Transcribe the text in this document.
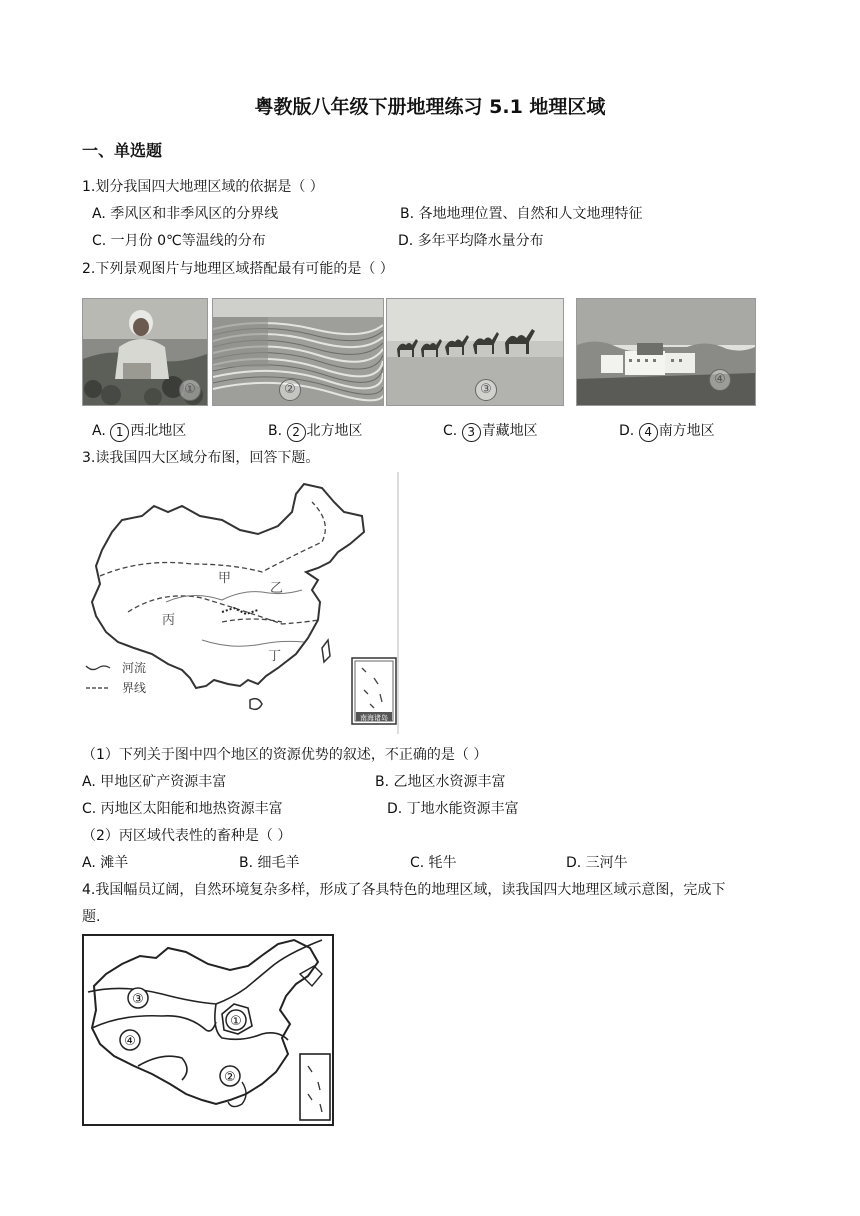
粤教版八年级下册地理练习 5.1 地理区域
一、单选题
1.划分我国四大地理区域的依据是（ ）
A. 季风区和非季风区的分界线	B. 各地地理位置、自然和人文地理特征
C. 一月份 0℃等温线的分布	D. 多年平均降水量分布
2.下列景观图片与地理区域搭配最有可能的是（ ）
①	②	③
④
A. 1 西北地区	B. 2 北方地区	C. 3 青藏地区	D. 4 南方地区
3.读我国四大区域分布图，回答下题。
甲
乙
丙
丁
河流
界线
南海诸岛
（1）下列关于图中四个地区的资源优势的叙述，不正确的是（ ）
A. 甲地区矿产资源丰富	B. 乙地区水资源丰富
C. 丙地区太阳能和地热资源丰富	D. 丁地水能资源丰富
（2）丙区域代表性的畜种是（ ）
A. 滩羊	B. 细毛羊	C. 牦牛	D. 三河牛
4.我国幅员辽阔，自然环境复杂多样，形成了各具特色的地理区域，读我国四大地理区域示意图，完成下
题.
③
④
①
②
